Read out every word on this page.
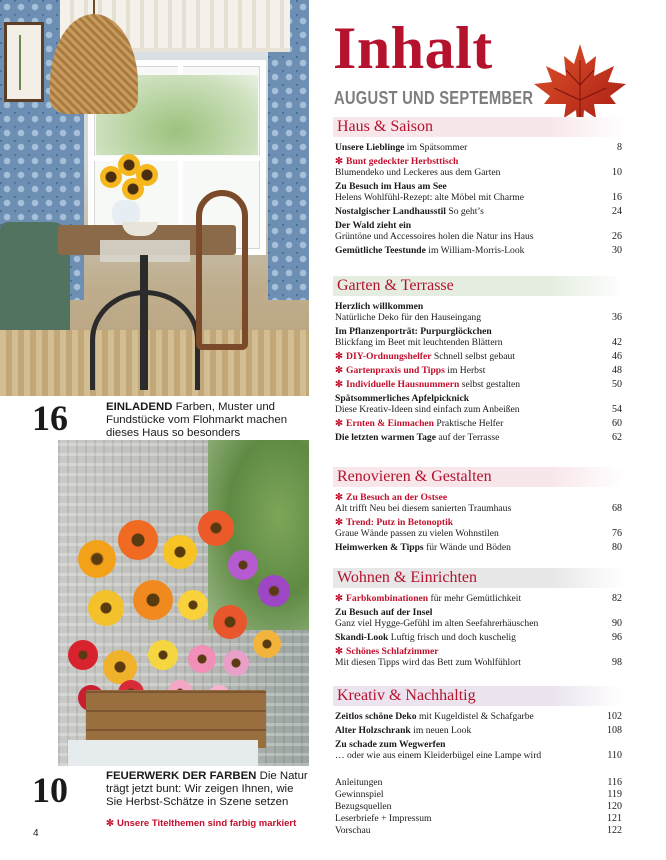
16	EINLADEND Farben, Muster und Fundstücke vom Flohmarkt machen dieses Haus so besonders
10	FEUERWERK DER FARBEN Die Natur trägt jetzt bunt: Wir zeigen Ihnen, wie Sie Herbst-Schätze in Szene setzen
✻ Unsere Titelthemen sind farbig markiert
4
Inhalt
AUGUST UND SEPTEMBER
Haus & Saison
Unsere Lieblinge im Spätsommer	8
✻ Bunt gedeckter Herbsttisch
Blumendeko und Leckeres aus dem Garten	10
Zu Besuch im Haus am See
Helens Wohlfühl-Rezept: alte Möbel mit Charme	16
Nostalgischer Landhausstil So geht’s	24
Der Wald zieht ein
Grüntöne und Accessoires holen die Natur ins Haus	26
Gemütliche Teestunde im William-Morris-Look	30
Garten & Terrasse
Herzlich willkommen
Natürliche Deko für den Hauseingang	36
Im Pflanzenporträt: Purpurglöckchen
Blickfang im Beet mit leuchtenden Blättern	42
✻ DIY-Ordnungshelfer Schnell selbst gebaut	46
✻ Gartenpraxis und Tipps im Herbst	48
✻ Individuelle Hausnummern selbst gestalten	50
Spätsommerliches Apfelpicknick
Diese Kreativ-Ideen sind einfach zum Anbeißen	54
✻ Ernten & Einmachen Praktische Helfer	60
Die letzten warmen Tage auf der Terrasse	62
Renovieren & Gestalten
✻ Zu Besuch an der Ostsee
Alt trifft Neu bei diesem sanierten Traumhaus	68
✻ Trend: Putz in Betonoptik
Graue Wände passen zu vielen Wohnstilen	76
Heimwerken & Tipps für Wände und Böden	80
Wohnen & Einrichten
✻ Farbkombinationen für mehr Gemütlichkeit	82
Zu Besuch auf der Insel
Ganz viel Hygge-Gefühl im alten Seefahrerhäuschen	90
Skandi-Look Luftig frisch und doch kuschelig	96
✻ Schönes Schlafzimmer
Mit diesen Tipps wird das Bett zum Wohlfühlort	98
Kreativ & Nachhaltig
Zeitlos schöne Deko mit Kugeldistel & Schafgarbe	102
Alter Holzschrank im neuen Look	108
Zu schade zum Wegwerfen
… oder wie aus einem Kleiderbügel eine Lampe wird	110
Anleitungen	116
Gewinnspiel	119
Bezugsquellen	120
Leserbriefe + Impressum	121
Vorschau	122
